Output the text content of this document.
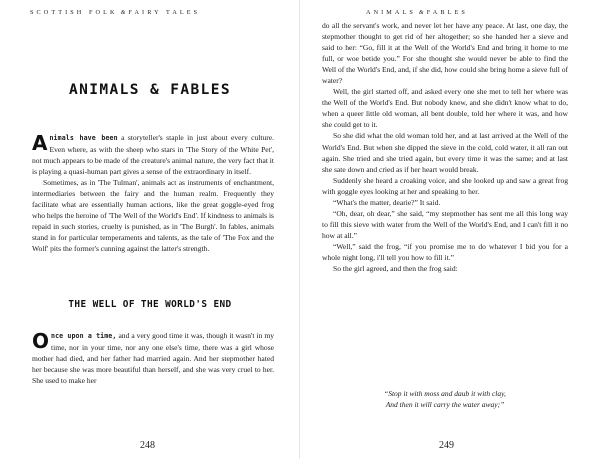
SCOTTISH FOLK & FAIRY TALES
ANIMALS & FABLES

Animals have been a storyteller's staple in just about every culture. Even where, as with the sheep who stars in 'The Story of the White Pet', not much appears to be made of the creature's animal nature, the very fact that it is playing a quasi-human part gives a sense of the extraordinary in itself.

Sometimes, as in 'The Tulman', animals act as instruments of enchantment, intermediaries between the fairy and the human realm. Frequently they facilitate what are essentially human actions, like the great goggle-eyed frog who helps the heroine of 'The Well of the World's End'. If kindness to animals is repaid in such stories, cruelty is punished, as in 'The Burgh'. In fables, animals stand in for particular temperaments and talents, as the tale of 'The Fox and the Wolf' pits the former's cunning against the latter's strength.

THE WELL OF THE WORLD'S END

Once upon a time, and a very good time it was, though it wasn't in my time, nor in your time, nor any one else's time, there was a girl whose mother had died, and her father had married again. And her stepmother hated her because she was more beautiful than herself, and she was very cruel to her. She used to make her

248
ANIMALS & FABLES

do all the servant's work, and never let her have any peace. At last, one day, the stepmother thought to get rid of her altogether; so she handed her a sieve and said to her: “Go, fill it at the Well of the World's End and bring it home to me full, or woe betide you.” For she thought she would never be able to find the Well of the World's End, and, if she did, how could she bring home a sieve full of water?

Well, the girl started off, and asked every one she met to tell her where was the Well of the World's End. But nobody knew, and she didn't know what to do, when a queer little old woman, all bent double, told her where it was, and how she could get to it.

So she did what the old woman told her, and at last arrived at the Well of the World's End. But when she dipped the sieve in the cold, cold water, it all ran out again. She tried and she tried again, but every time it was the same; and at last she sate down and cried as if her heart would break.

Suddenly she heard a croaking voice, and she looked up and saw a great frog with goggle eyes looking at her and speaking to her.

“What's the matter, dearie?” It said.

“Oh, dear, oh dear,” she said, “my stepmother has sent me all this long way to fill this sieve with water from the Well of the World's End, and I can't fill it no how at all.”

“Well,” said the frog, “if you promise me to do whatever I bid you for a whole night long, i'll tell you how to fill it.”

So the girl agreed, and then the frog said:

“Stop it with moss and daub it with clay,
And then it will carry the water away;”
249
